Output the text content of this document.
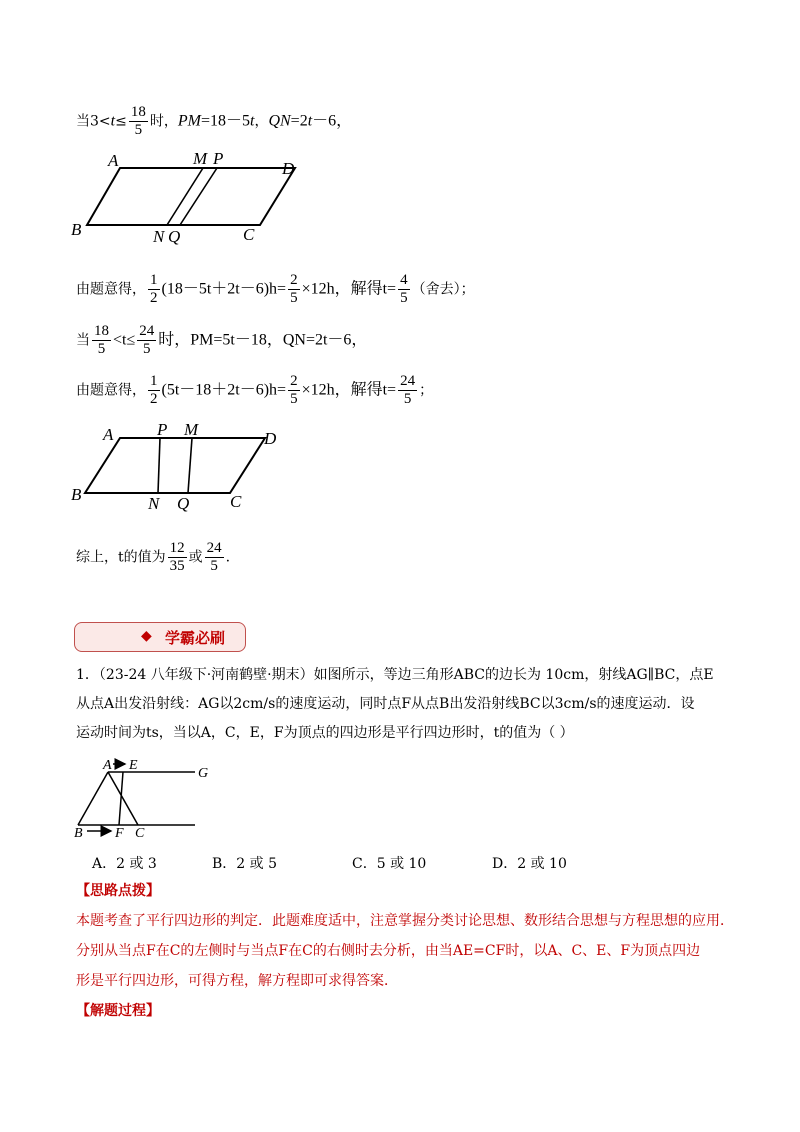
当$3<t\le \frac{18}{5}$ 时，PM=18－5t，QN=2t－6，
A	M P
D
B	N Q	C
由题意得， $\frac{1}{2} (18-5t+2t-6)h= \frac{2}{5} \times 12h$，解得$t= \frac{4}{5}$ （舍去）；
当 $\frac{18}{5} <t\le \frac{24}{5}$ 时，PM=5t－18，QN=2t－6，
由题意得， $\frac{1}{2} (5t-18+2t-6)h= \frac{2}{5} \times 12h$，解得$t= \frac{24}{5}$ ；
A	P M	D
B	N Q C
综上，t的值为 $\frac{12}{35}$ 或 $\frac{24}{5}$ .
◆ 学霸必刷
1．（23-24 八年级下·河南鹤壁·期末）如图所示，等边三角形ABC的边长为 10cm，射线AG∥BC，点E
从点A出发沿射线：AG以2cm/s的速度运动，同时点F从点B出发沿射线BC以3cm/s的速度运动．设
运动时间为ts，当以A，C，E，F为顶点的四边形是平行四边形时，t的值为（ ）
A E
G
B F C
A．2 或 3	B．2 或 5	C．5 或 10	D．2 或 10
【思路点拨】
本题考查了平行四边形的判定．此题难度适中，注意掌握分类讨论思想、数形结合思想与方程思想的应用．
分别从当点F在C的左侧时与当点F在C的右侧时去分析，由当AE=CF时，以A、C、E、F为顶点四边
形是平行四边形，可得方程，解方程即可求得答案．
【解题过程】
